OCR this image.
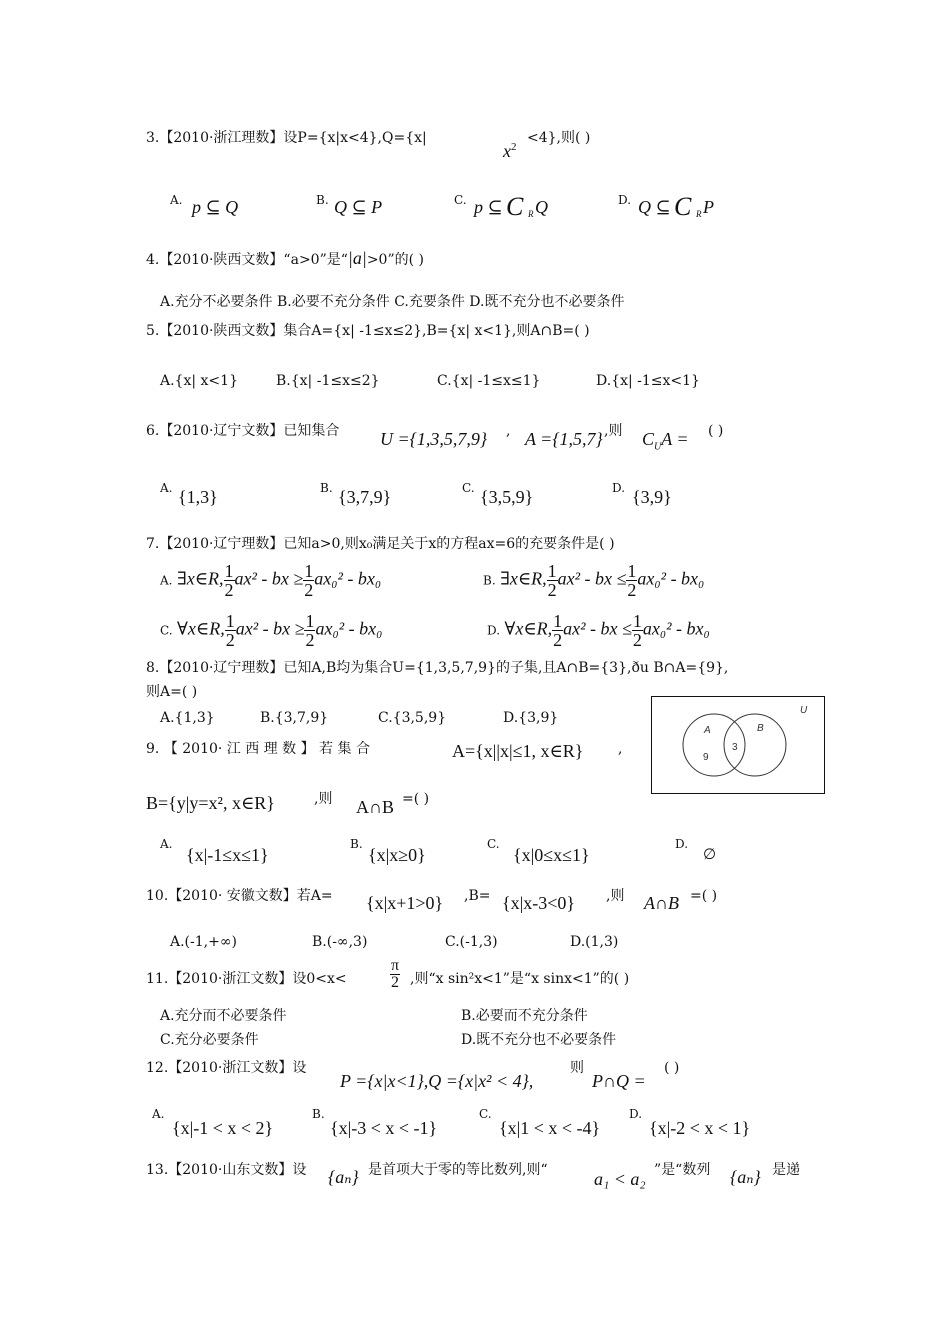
3.【2010·浙江理数】设P={x|x<4},Q={x|
$x^2$
<4},则( )
A. p ⊆ Q	B. Q ⊆ P	C. p ⊆ C R Q	D. Q ⊆ C R P
4.【2010·陕西文数】“a>0”是“|a|>0”的( )
A.充分不必要条件 B.必要不充分条件 C.充要条件 D.既不充分也不必要条件
5.【2010·陕西文数】集合A={x| -1≤x≤2},B={x| x<1},则A∩B=( )
A.{x| x<1}	B.{x| -1≤x≤2}	C.{x| -1≤x≤1}	D.{x| -1≤x<1}
6.【2010·辽宁文数】已知集合 U ={1,3,5,7,9} , A ={1,5,7} ,则 $C_UA$ = ( )
A. {1,3}	B. {3,7,9}	C. {3,5,9}	D. {3,9}
7.【2010·辽宁理数】已知a>0,则x₀满足关于x的方程ax=6的充要条件是( )
A. ∃x∈R, $\frac{1}{2} ax^2$ - bx ≥ $\frac{1}{2} ax_0^2 - bx_0$	B. ∃x∈R, $\frac{1}{2} ax^2$ - bx ≤ $\frac{1}{2} ax_0^2 - bx_0$
C. ∀x∈R, $\frac{1}{2} ax^2$ - bx ≥ $\frac{1}{2} ax_0^2 - bx_0$	D. ∀x∈R, $\frac{1}{2} ax^2$ - bx ≤ $\frac{1}{2} ax_0^2 - bx_0$
8.【2010·辽宁理数】已知A,B均为集合U={1,3,5,7,9}的子集,且A∩B={3},ðu B∩A={9},
则A=( )
A.{1,3}	B.{3,7,9}	C.{3,5,9}	D.{3,9}	U
A	B
9
3
9. 【 2010· 江 西 理 数 】 若 集 合	A={x||x|≤1, x∈R} ,
B={y|y=x², x∈R}	,则 A∩B =( )
A.
{x|-1≤x≤1}
B.
{x|x≥0}
C.
{x|0≤x≤1}
D.
∅
10.【2010· 安徽文数】若A= {x|x+1>0} ,B= {x|x-3<0} ,则 A∩B =( )
A.(-1,+∞)	B.(-∞,3)	C.(-1,3)	D.(1,3)
11.【2010·浙江文数】设0<x<	$\frac{\pi}{2}$ ,则“x sin²x<1”是“x sinx<1”的( )
A.充分而不必要条件	B.必要而不充分条件
C.充分必要条件	D.既不充分也不必要条件
12.【2010·浙江文数】设
P ={x|x<1},Q ={x|x² < 4},
则
P∩Q =
( )
A.
{x|-1 < x < 2}
B.
{x|-3 < x < -1}
C.
{x|1 < x < -4}
D.
{x|-2 < x < 1}
13.【2010·山东文数】设 {aₙ} 是首项大于零的等比数列,则“	a₁ < a₂ ”是“数列 {aₙ} 是递
